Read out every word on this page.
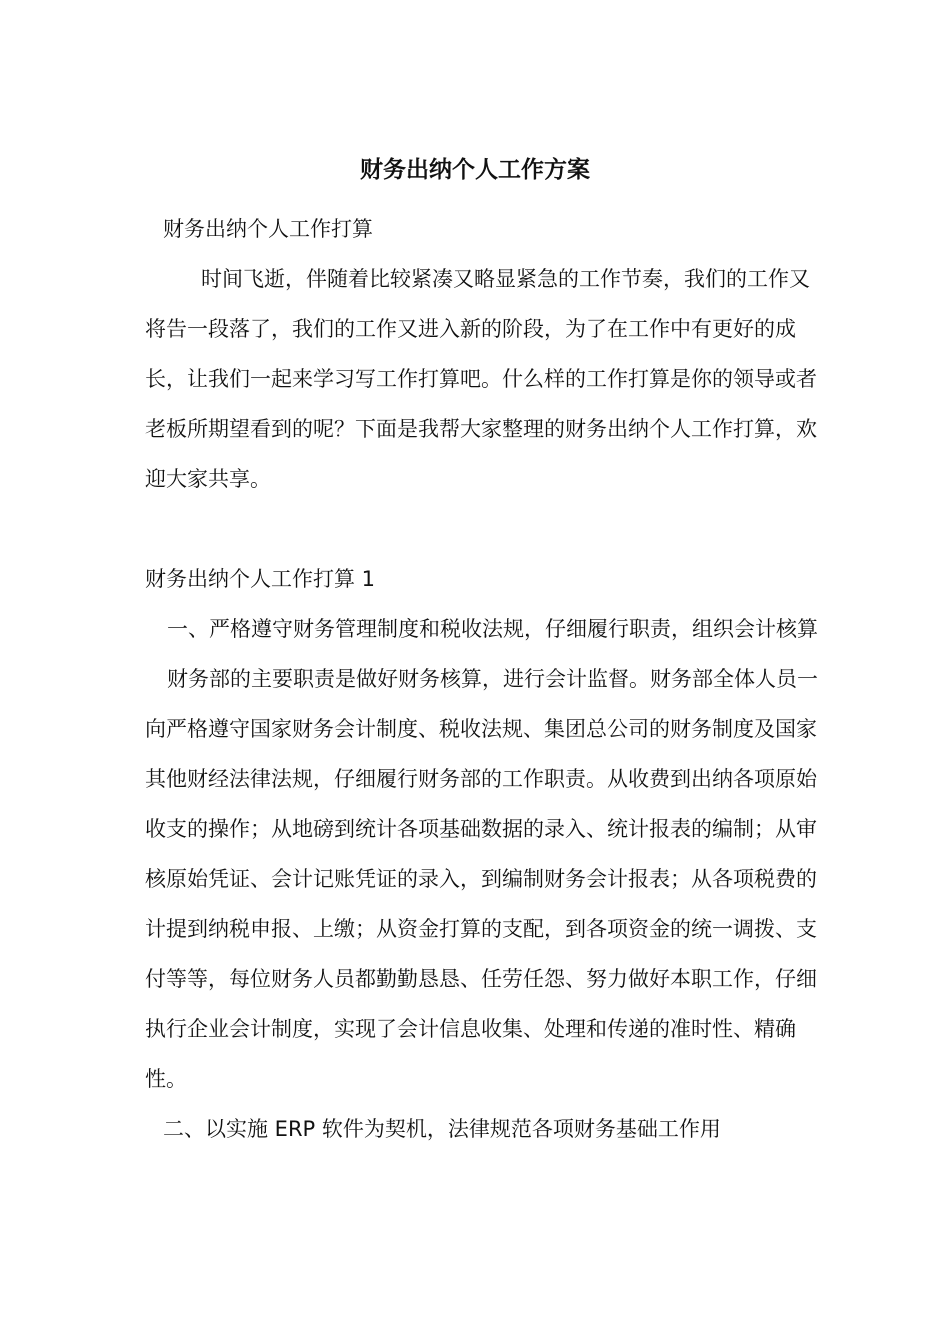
财务出纳个人工作方案

财务出纳个人工作打算

时间飞逝，伴随着比较紧凑又略显紧急的工作节奏，我们的工作又将告一段落了，我们的工作又进入新的阶段，为了在工作中有更好的成长，让我们一起来学习写工作打算吧。什么样的工作打算是你的领导或者老板所期望看到的呢？下面是我帮大家整理的财务出纳个人工作打算，欢迎大家共享。

财务出纳个人工作打算 1

一、严格遵守财务管理制度和税收法规，仔细履行职责，组织会计核算

财务部的主要职责是做好财务核算，进行会计监督。财务部全体人员一向严格遵守国家财务会计制度、税收法规、集团总公司的财务制度及国家其他财经法律法规，仔细履行财务部的工作职责。从收费到出纳各项原始收支的操作；从地磅到统计各项基础数据的录入、统计报表的编制；从审核原始凭证、会计记账凭证的录入，到编制财务会计报表；从各项税费的计提到纳税申报、上缴；从资金打算的支配，到各项资金的统一调拨、支付等等，每位财务人员都勤勤恳恳、任劳任怨、努力做好本职工作，仔细执行企业会计制度，实现了会计信息收集、处理和传递的准时性、精确性。

二、以实施 ERP 软件为契机，法律规范各项财务基础工作用
